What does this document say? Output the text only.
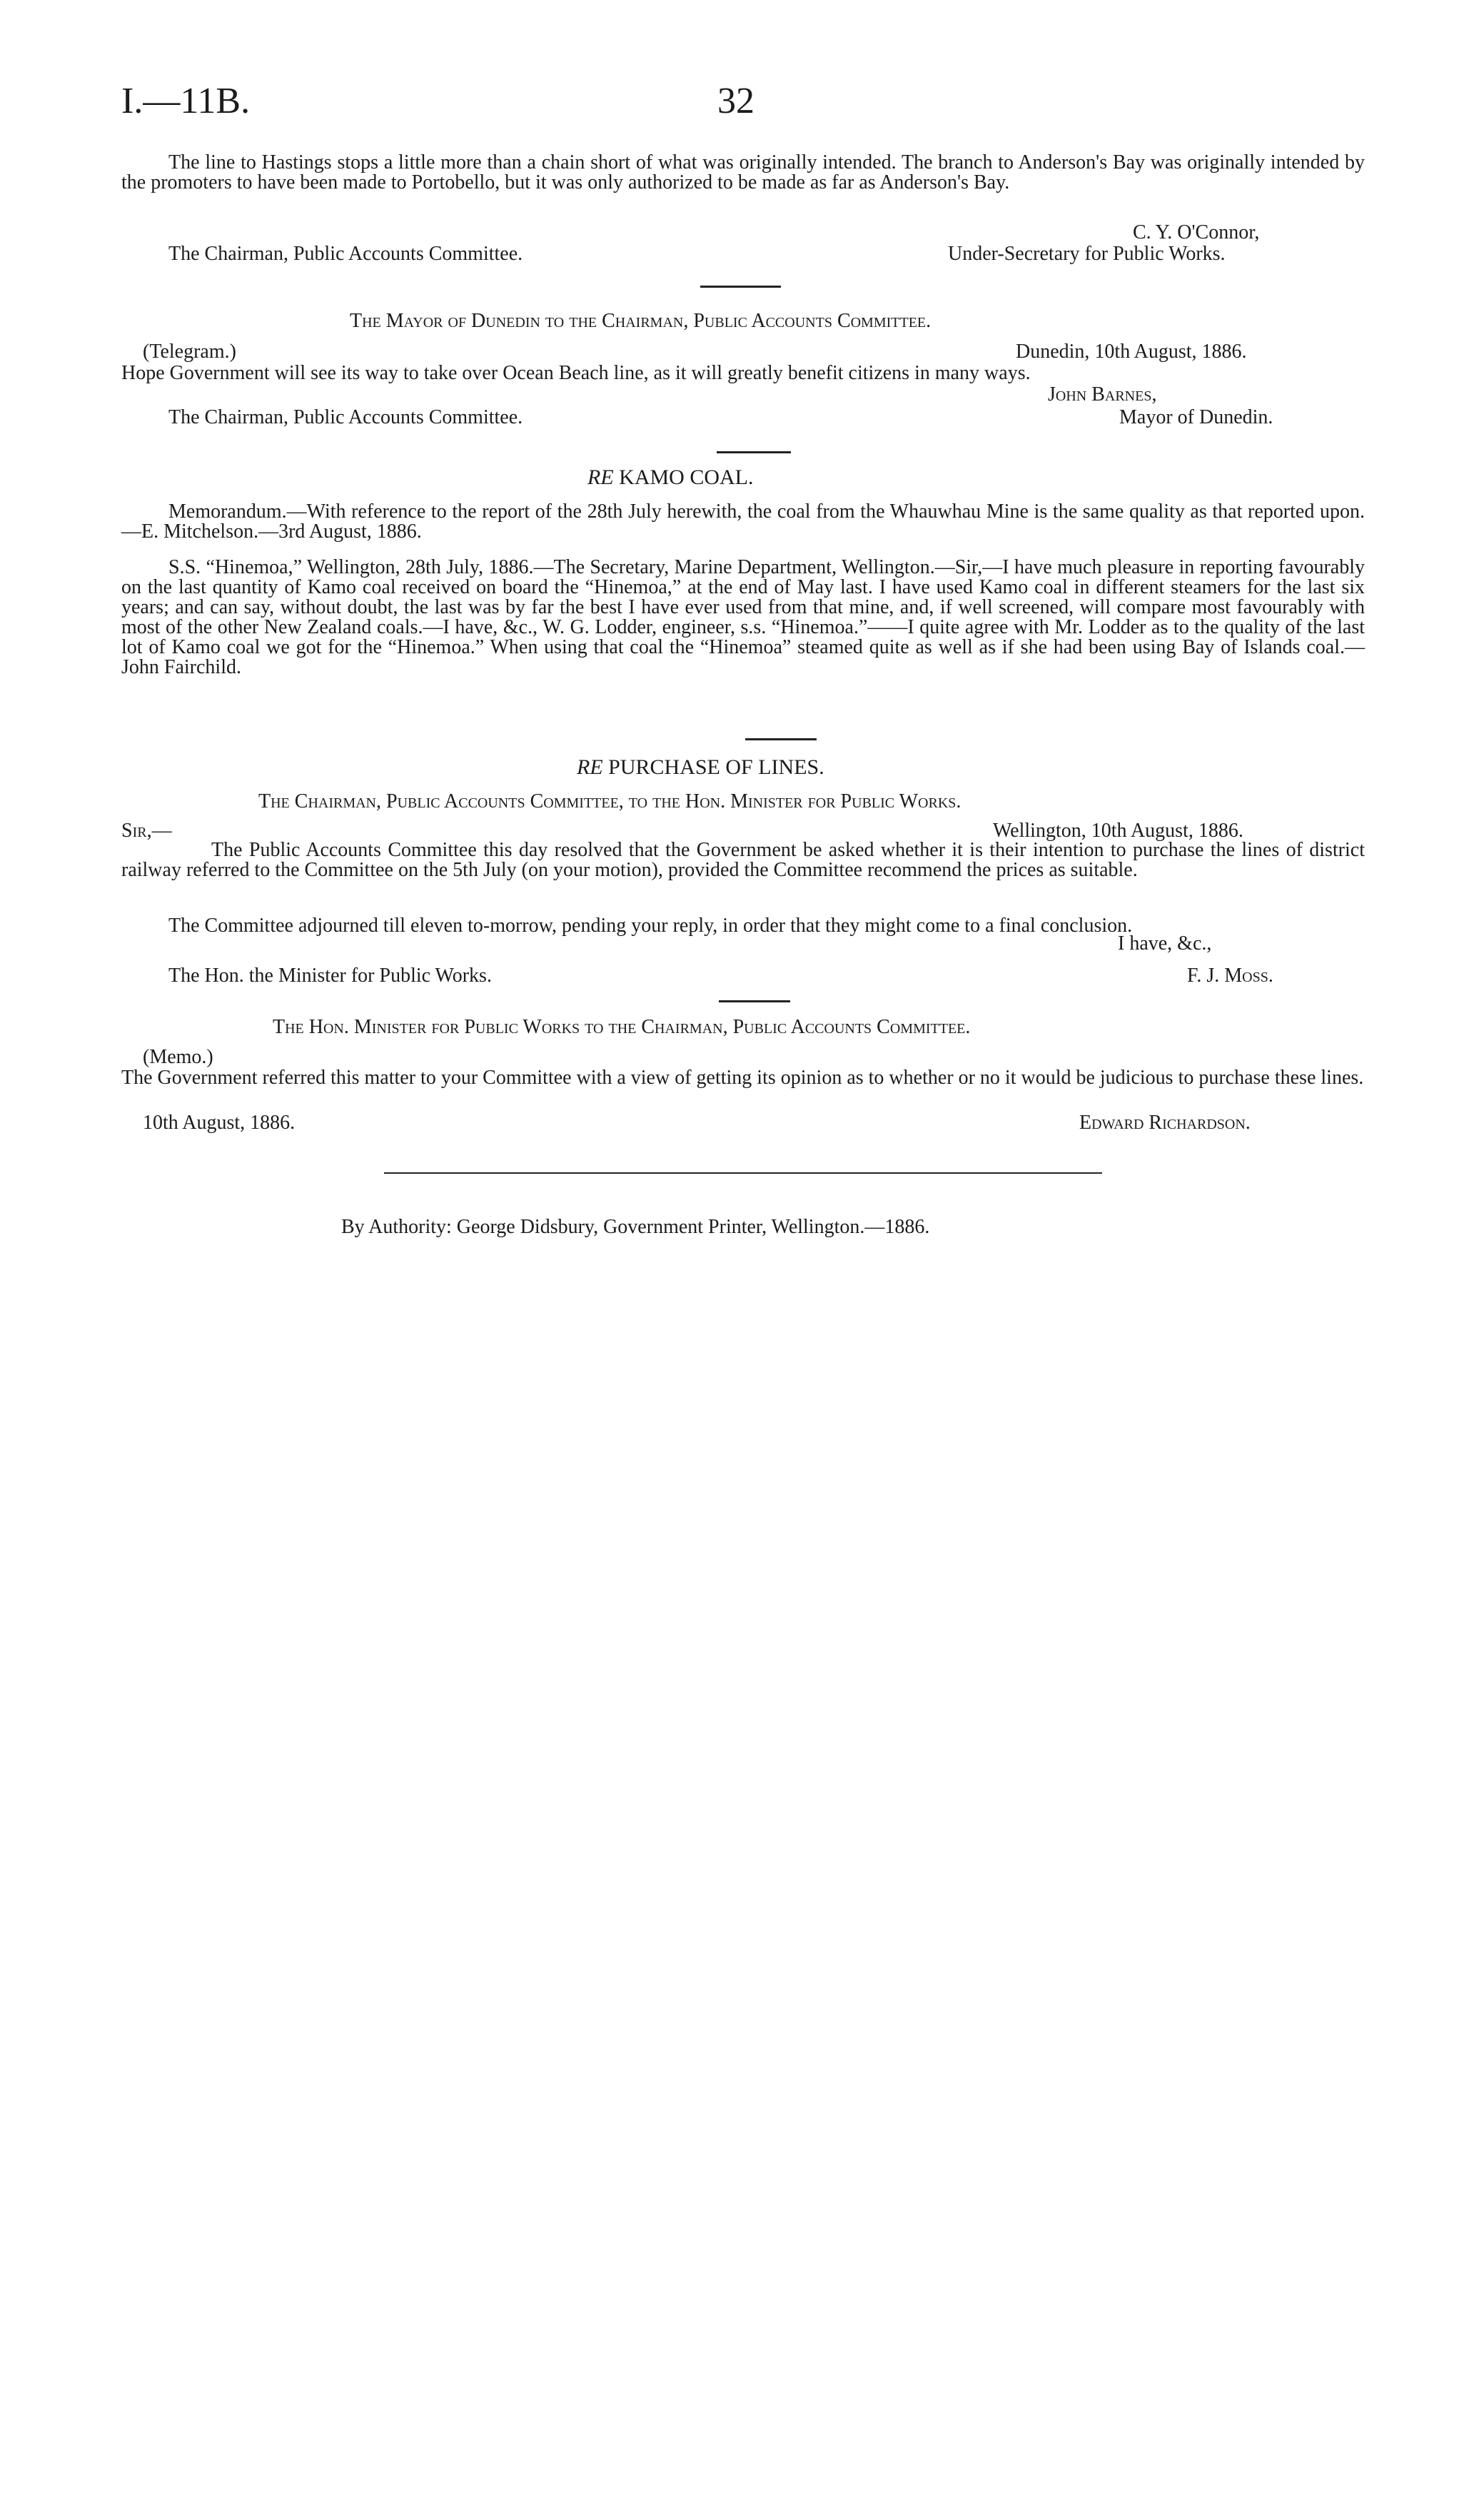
I.—11B.	32

The line to Hastings stops a little more than a chain short of what was originally intended. The branch to Anderson's Bay was originally intended by the promoters to have been made to Portobello, but it was only authorized to be made as far as Anderson's Bay.

C. Y. O'Connor,
The Chairman, Public Accounts Committee.	Under-Secretary for Public Works.
The Mayor of Dunedin to the Chairman, Public Accounts Committee.
(Telegram.)	Dunedin, 10th August, 1886.
Hope Government will see its way to take over Ocean Beach line, as it will greatly benefit citizens in many ways.
John Barnes,
The Chairman, Public Accounts Committee.	Mayor of Dunedin.
RE KAMO COAL.

Memorandum.—With reference to the report of the 28th July herewith, the coal from the Whauwhau Mine is the same quality as that reported upon.—E. Mitchelson.—3rd August, 1886.

S.S. “Hinemoa,” Wellington, 28th July, 1886.—The Secretary, Marine Department, Wellington.—Sir,—I have much pleasure in reporting favourably on the last quantity of Kamo coal received on board the “Hinemoa,” at the end of May last. I have used Kamo coal in different steamers for the last six years; and can say, without doubt, the last was by far the best I have ever used from that mine, and, if well screened, will compare most favourably with most of the other New Zealand coals.—I have, &c., W. G. Lodder, engineer, s.s. “Hinemoa.”——I quite agree with Mr. Lodder as to the quality of the last lot of Kamo coal we got for the “Hinemoa.” When using that coal the “Hinemoa” steamed quite as well as if she had been using Bay of Islands coal.—John Fairchild.

RE PURCHASE OF LINES.
The Chairman, Public Accounts Committee, to the Hon. Minister for Public Works.
Sir,—	Wellington, 10th August, 1886.

The Public Accounts Committee this day resolved that the Government be asked whether it is their intention to purchase the lines of district railway referred to the Committee on the 5th July (on your motion), provided the Committee recommend the prices as suitable.

The Committee adjourned till eleven to-morrow, pending your reply, in order that they might come to a final conclusion.

I have, &c.,
The Hon. the Minister for Public Works.	F. J. Moss.
The Hon. Minister for Public Works to the Chairman, Public Accounts Committee.
(Memo.)

The Government referred this matter to your Committee with a view of getting its opinion as to whether or no it would be judicious to purchase these lines.

10th August, 1886.	Edward Richardson.
By Authority: George Didsbury, Government Printer, Wellington.—1886.
